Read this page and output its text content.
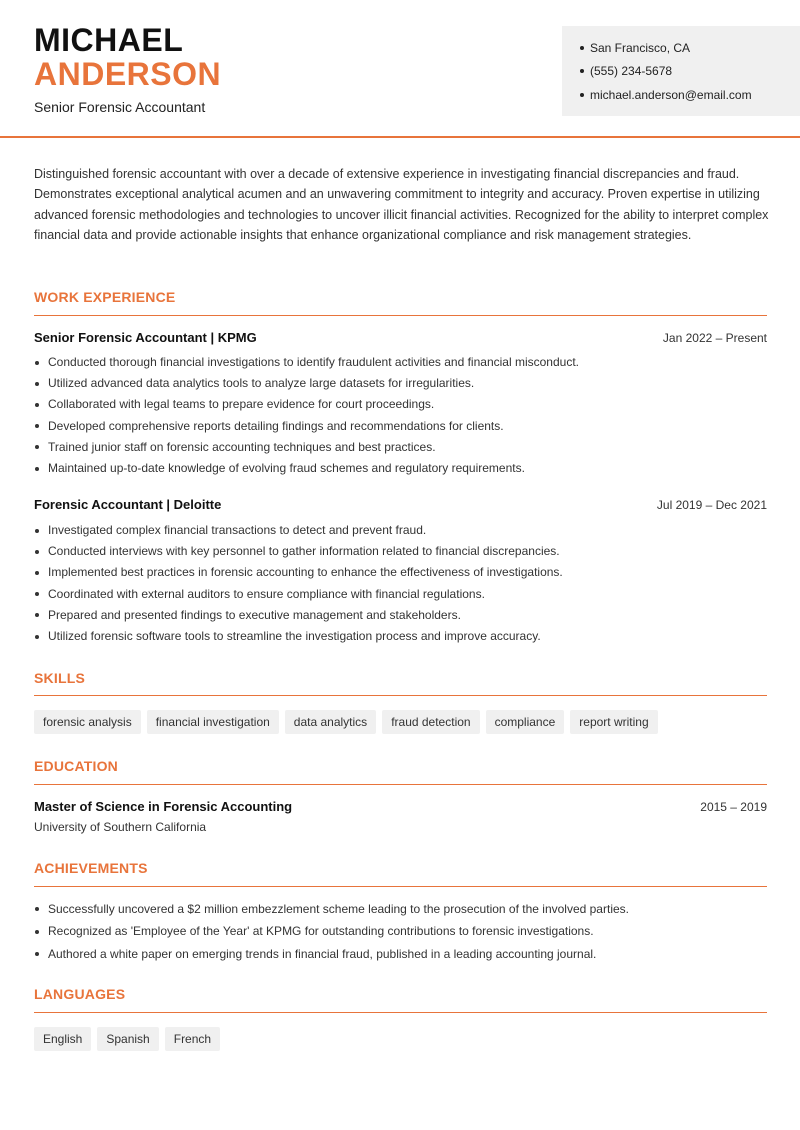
MICHAEL
ANDERSON
Senior Forensic Accountant
San Francisco, CA
(555) 234-5678
michael.anderson@email.com

Distinguished forensic accountant with over a decade of extensive experience in investigating financial discrepancies and fraud. Demonstrates exceptional analytical acumen and an unwavering commitment to integrity and accuracy. Proven expertise in utilizing advanced forensic methodologies and technologies to uncover illicit financial activities. Recognized for the ability to interpret complex financial data and provide actionable insights that enhance organizational compliance and risk management strategies.

WORK EXPERIENCE
Senior Forensic Accountant | KPMG	Jan 2022 – Present
Conducted thorough financial investigations to identify fraudulent activities and financial misconduct.
Utilized advanced data analytics tools to analyze large datasets for irregularities.
Collaborated with legal teams to prepare evidence for court proceedings.
Developed comprehensive reports detailing findings and recommendations for clients.
Trained junior staff on forensic accounting techniques and best practices.
Maintained up-to-date knowledge of evolving fraud schemes and regulatory requirements.
Forensic Accountant | Deloitte	Jul 2019 – Dec 2021
Investigated complex financial transactions to detect and prevent fraud.
Conducted interviews with key personnel to gather information related to financial discrepancies.
Implemented best practices in forensic accounting to enhance the effectiveness of investigations.
Coordinated with external auditors to ensure compliance with financial regulations.
Prepared and presented findings to executive management and stakeholders.
Utilized forensic software tools to streamline the investigation process and improve accuracy.
SKILLS
forensic analysis	financial investigation	data analytics	fraud detection	compliance	report writing
EDUCATION
Master of Science in Forensic Accounting	2015 – 2019
University of Southern California
ACHIEVEMENTS
Successfully uncovered a $2 million embezzlement scheme leading to the prosecution of the involved parties.
Recognized as 'Employee of the Year' at KPMG for outstanding contributions to forensic investigations.
Authored a white paper on emerging trends in financial fraud, published in a leading accounting journal.
LANGUAGES
English	Spanish	French
